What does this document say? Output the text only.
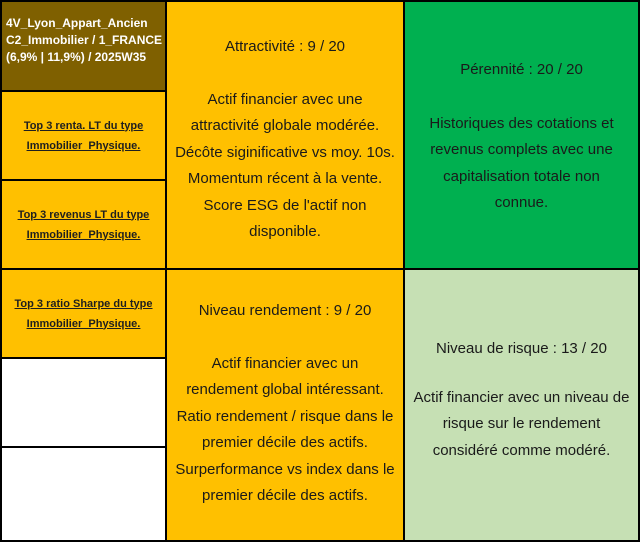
4V_Lyon_Appart_Ancien
C2_Immobilier / 1_FRANCE
(6,9% | 11,9%) / 2025W35
Top 3 renta. LT du type
Immobilier_Physique.
Top 3 revenus LT du type
Immobilier_Physique.
Top 3 ratio Sharpe du type
Immobilier_Physique.
Attractivité : 9 / 20
Actif financier avec une
attractivité globale modérée.
Décôte siginificative vs moy. 10s.
Momentum récent à la vente.
Score ESG de l'actif non
disponible.
Pérennité : 20 / 20
Historiques des cotations et
revenus complets avec une
capitalisation totale non
connue.
Niveau rendement : 9 / 20
Actif financier avec un
rendement global intéressant.
Ratio rendement / risque dans le
premier décile des actifs.
Surperformance vs index dans le
premier décile des actifs.
Niveau de risque : 13 / 20
Actif financier avec un niveau de
risque sur le rendement
considéré comme modéré.
